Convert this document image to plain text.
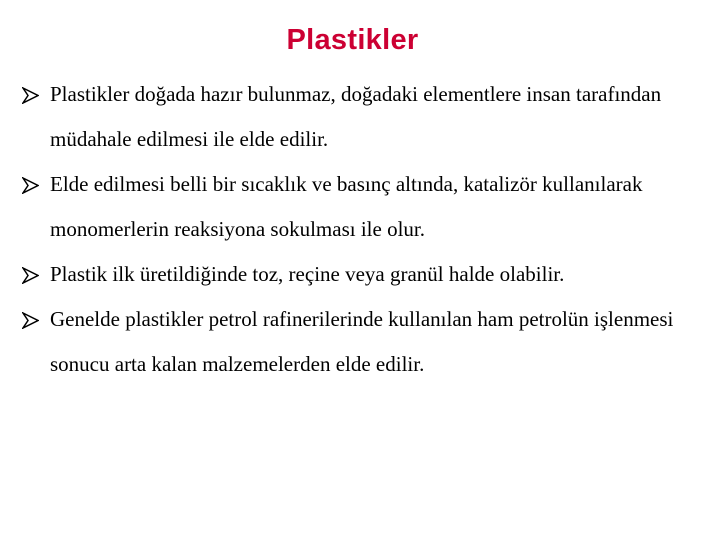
Plastikler
Plastikler doğada hazır bulunmaz, doğadaki elementlere insan tarafından müdahale edilmesi ile elde edilir.
Elde edilmesi belli bir sıcaklık ve basınç altında, katalizör kullanılarak monomerlerin reaksiyona sokulması ile olur.
Plastik ilk üretildiğinde toz, reçine veya granül halde olabilir.
Genelde plastikler petrol rafinerilerinde kullanılan ham petrolün işlenmesi sonucu arta kalan malzemelerden elde edilir.
